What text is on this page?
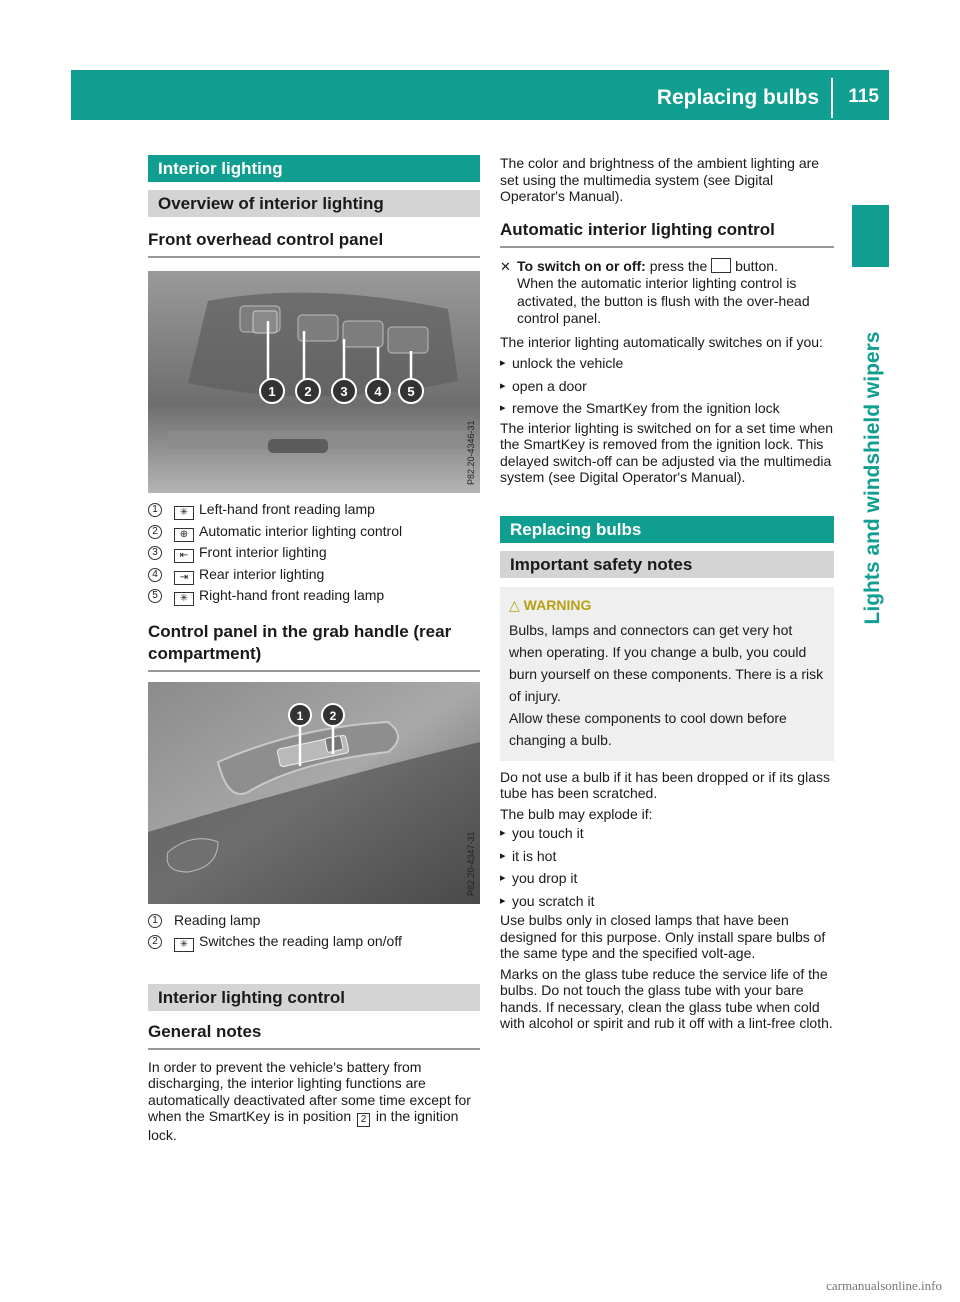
Replacing bulbs 115
Lights and windshield wipers
Interior lighting
Overview of interior lighting
Front overhead control panel
1 2 3 4 5
P82.20-4346-31
1 ✳ Left-hand front reading lamp
2 ⊕ Automatic interior lighting control
3 ⇤ Front interior lighting
4 ⇥ Rear interior lighting
5 ✳ Right-hand front reading lamp
Control panel in the grab handle (rear compartment)
1 2
P82.20-4347-31
1 Reading lamp
2 ✳ Switches the reading lamp on/off
Interior lighting control
General notes
In order to prevent the vehicle's battery from discharging, the interior lighting functions are automatically deactivated after some time except for when the SmartKey is in position 2 in the ignition lock.
The color and brightness of the ambient lighting are set using the multimedia system (see Digital Operator's Manual).
Automatic interior lighting control
✕ To switch on or off: press the button.
When the automatic interior lighting control is activated, the button is flush with the over-head control panel.
The interior lighting automatically switches on if you:
▸ unlock the vehicle
▸ open a door
▸ remove the SmartKey from the ignition lock
The interior lighting is switched on for a set time when the SmartKey is removed from the ignition lock. This delayed switch-off can be adjusted via the multimedia system (see Digital Operator's Manual).
Replacing bulbs
Important safety notes
△ WARNING

Bulbs, lamps and connectors can get very hot when operating. If you change a bulb, you could burn yourself on these components. There is a risk of injury.

Allow these components to cool down before changing a bulb.

Do not use a bulb if it has been dropped or if its glass tube has been scratched.
The bulb may explode if:
▸ you touch it
▸ it is hot
▸ you drop it
▸ you scratch it
Use bulbs only in closed lamps that have been designed for this purpose. Only install spare bulbs of the same type and the specified volt-age.
Marks on the glass tube reduce the service life of the bulbs. Do not touch the glass tube with your bare hands. If necessary, clean the glass tube when cold with alcohol or spirit and rub it off with a lint-free cloth.
carmanualsonline.info
